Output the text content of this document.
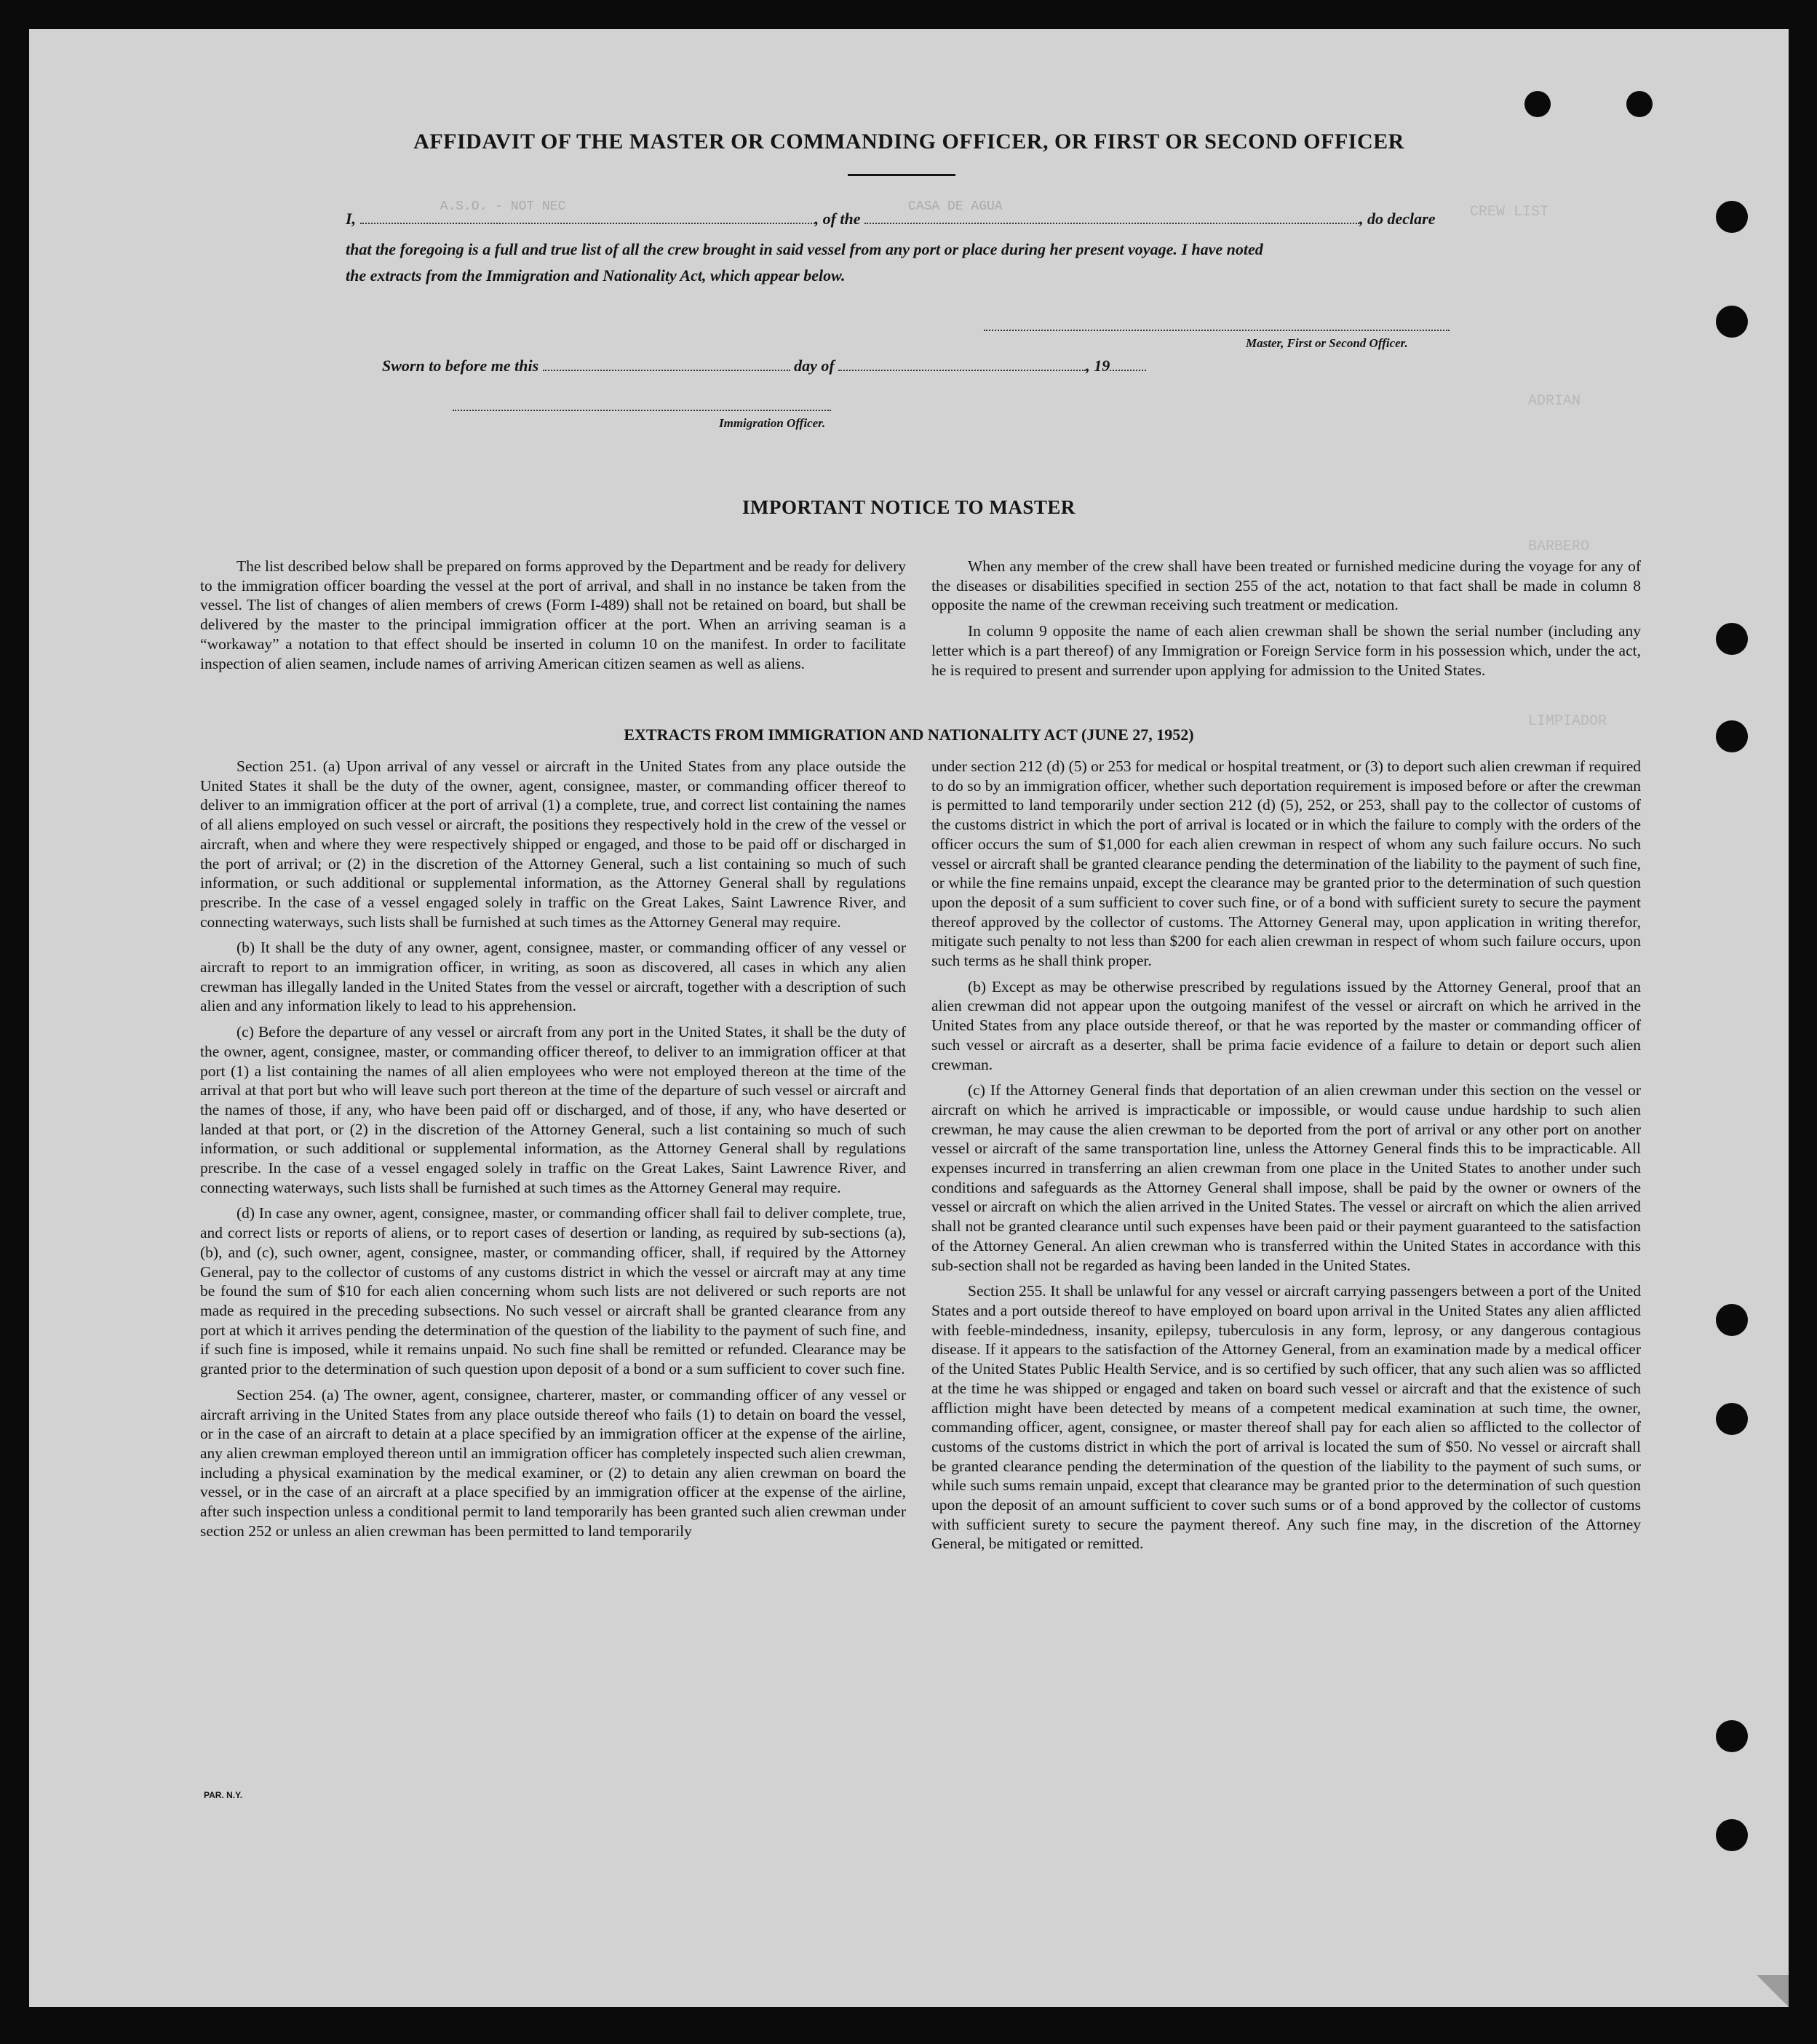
CREW LIST
ADRIAN
BARBERO
LIMPIADOR
AFFIDAVIT OF THE MASTER OR COMMANDING OFFICER, OR FIRST OR SECOND OFFICER
I,
A.S.O. - NOT NEC
, of the
CASA DE AGUA
, do declare
that the foregoing is a full and true list of all the crew brought in said vessel from any port or place during her present voyage. I have noted
the extracts from the Immigration and Nationality Act, which appear below.
Master, First or Second Officer.
Sworn to before me this	day of	, 19
Immigration Officer.
IMPORTANT NOTICE TO MASTER

The list described below shall be prepared on forms approved by the Department and be ready for delivery to the immigration officer boarding the vessel at the port of arrival, and shall in no instance be taken from the vessel. The list of changes of alien members of crews (Form I-489) shall not be retained on board, but shall be delivered by the master to the principal immigration officer at the port. When an arriving seaman is a “workaway” a notation to that effect should be inserted in column 10 on the manifest. In order to facilitate inspection of alien seamen, include names of arriving American citizen seamen as well as aliens.

When any member of the crew shall have been treated or furnished medicine during the voyage for any of the diseases or disabilities specified in section 255 of the act, notation to that fact shall be made in column 8 opposite the name of the crewman receiving such treatment or medication.

In column 9 opposite the name of each alien crewman shall be shown the serial number (including any letter which is a part thereof) of any Immigration or Foreign Service form in his possession which, under the act, he is required to present and surrender upon applying for admission to the United States.

EXTRACTS FROM IMMIGRATION AND NATIONALITY ACT (JUNE 27, 1952)

Section 251. (a) Upon arrival of any vessel or aircraft in the United States from any place outside the United States it shall be the duty of the owner, agent, consignee, master, or commanding officer thereof to deliver to an immigration officer at the port of arrival (1) a complete, true, and correct list containing the names of all aliens employed on such vessel or aircraft, the positions they respectively hold in the crew of the vessel or aircraft, when and where they were respectively shipped or engaged, and those to be paid off or discharged in the port of arrival; or (2) in the discretion of the Attorney General, such a list containing so much of such information, or such additional or supplemental information, as the Attorney General shall by regulations prescribe. In the case of a vessel engaged solely in traffic on the Great Lakes, Saint Lawrence River, and connecting waterways, such lists shall be furnished at such times as the Attorney General may require.

(b) It shall be the duty of any owner, agent, consignee, master, or commanding officer of any vessel or aircraft to report to an immigration officer, in writing, as soon as discovered, all cases in which any alien crewman has illegally landed in the United States from the vessel or aircraft, together with a description of such alien and any information likely to lead to his apprehension.

(c) Before the departure of any vessel or aircraft from any port in the United States, it shall be the duty of the owner, agent, consignee, master, or commanding officer thereof, to deliver to an immigration officer at that port (1) a list containing the names of all alien employees who were not employed thereon at the time of the arrival at that port but who will leave such port thereon at the time of the departure of such vessel or aircraft and the names of those, if any, who have been paid off or discharged, and of those, if any, who have deserted or landed at that port, or (2) in the discretion of the Attorney General, such a list containing so much of such information, or such additional or supplemental information, as the Attorney General shall by regulations prescribe. In the case of a vessel engaged solely in traffic on the Great Lakes, Saint Lawrence River, and connecting waterways, such lists shall be furnished at such times as the Attorney General may require.

(d) In case any owner, agent, consignee, master, or commanding officer shall fail to deliver complete, true, and correct lists or reports of aliens, or to report cases of desertion or landing, as required by sub-sections (a), (b), and (c), such owner, agent, consignee, master, or commanding officer, shall, if required by the Attorney General, pay to the collector of customs of any customs district in which the vessel or aircraft may at any time be found the sum of $10 for each alien concerning whom such lists are not delivered or such reports are not made as required in the preceding subsections. No such vessel or aircraft shall be granted clearance from any port at which it arrives pending the determination of the question of the liability to the payment of such fine, and if such fine is imposed, while it remains unpaid. No such fine shall be remitted or refunded. Clearance may be granted prior to the determination of such question upon deposit of a bond or a sum sufficient to cover such fine.

Section 254. (a) The owner, agent, consignee, charterer, master, or commanding officer of any vessel or aircraft arriving in the United States from any place outside thereof who fails (1) to detain on board the vessel, or in the case of an aircraft to detain at a place specified by an immigration officer at the expense of the airline, any alien crewman employed thereon until an immigration officer has completely inspected such alien crewman, including a physical examination by the medical examiner, or (2) to detain any alien crewman on board the vessel, or in the case of an aircraft at a place specified by an immigration officer at the expense of the airline, after such inspection unless a conditional permit to land temporarily has been granted such alien crewman under section 252 or unless an alien crewman has been permitted to land temporarily

under section 212 (d) (5) or 253 for medical or hospital treatment, or (3) to deport such alien crewman if required to do so by an immigration officer, whether such deportation requirement is imposed before or after the crewman is permitted to land temporarily under section 212 (d) (5), 252, or 253, shall pay to the collector of customs of the customs district in which the port of arrival is located or in which the failure to comply with the orders of the officer occurs the sum of $1,000 for each alien crewman in respect of whom any such failure occurs. No such vessel or aircraft shall be granted clearance pending the determination of the liability to the payment of such fine, or while the fine remains unpaid, except the clearance may be granted prior to the determination of such question upon the deposit of a sum sufficient to cover such fine, or of a bond with sufficient surety to secure the payment thereof approved by the collector of customs. The Attorney General may, upon application in writing therefor, mitigate such penalty to not less than $200 for each alien crewman in respect of whom such failure occurs, upon such terms as he shall think proper.

(b) Except as may be otherwise prescribed by regulations issued by the Attorney General, proof that an alien crewman did not appear upon the outgoing manifest of the vessel or aircraft on which he arrived in the United States from any place outside thereof, or that he was reported by the master or commanding officer of such vessel or aircraft as a deserter, shall be prima facie evidence of a failure to detain or deport such alien crewman.

(c) If the Attorney General finds that deportation of an alien crewman under this section on the vessel or aircraft on which he arrived is impracticable or impossible, or would cause undue hardship to such alien crewman, he may cause the alien crewman to be deported from the port of arrival or any other port on another vessel or aircraft of the same transportation line, unless the Attorney General finds this to be impracticable. All expenses incurred in transferring an alien crewman from one place in the United States to another under such conditions and safeguards as the Attorney General shall impose, shall be paid by the owner or owners of the vessel or aircraft on which the alien arrived in the United States. The vessel or aircraft on which the alien arrived shall not be granted clearance until such expenses have been paid or their payment guaranteed to the satisfaction of the Attorney General. An alien crewman who is transferred within the United States in accordance with this sub-section shall not be regarded as having been landed in the United States.

Section 255. It shall be unlawful for any vessel or aircraft carrying passengers between a port of the United States and a port outside thereof to have employed on board upon arrival in the United States any alien afflicted with feeble-mindedness, insanity, epilepsy, tuberculosis in any form, leprosy, or any dangerous contagious disease. If it appears to the satisfaction of the Attorney General, from an examination made by a medical officer of the United States Public Health Service, and is so certified by such officer, that any such alien was so afflicted at the time he was shipped or engaged and taken on board such vessel or aircraft and that the existence of such affliction might have been detected by means of a competent medical examination at such time, the owner, commanding officer, agent, consignee, or master thereof shall pay for each alien so afflicted to the collector of customs of the customs district in which the port of arrival is located the sum of $50. No vessel or aircraft shall be granted clearance pending the determination of the question of the liability to the payment of such sums, or while such sums remain unpaid, except that clearance may be granted prior to the determination of such question upon the deposit of an amount sufficient to cover such sums or of a bond approved by the collector of customs with sufficient surety to secure the payment thereof. Any such fine may, in the discretion of the Attorney General, be mitigated or remitted.

PAR. N.Y.
